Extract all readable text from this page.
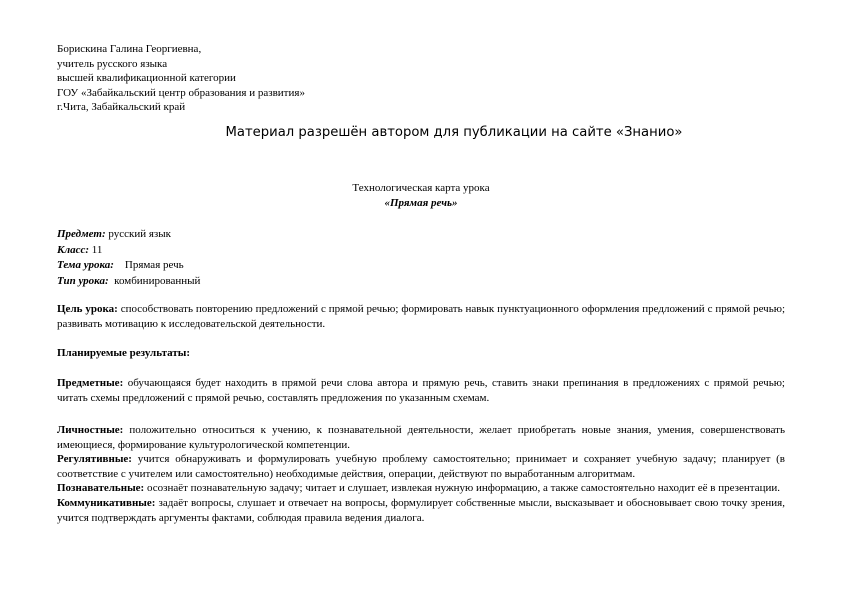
Борискина Галина Георгиевна,
учитель русского языка
высшей квалификационной категории
ГОУ «Забайкальский центр образования и развития»
г.Чита, Забайкальский край
Материал разрешён автором для публикации на сайте «Знанио»
Технологическая карта урока
«Прямая речь»
Предмет: русский язык
Класс: 11
Тема урока:    Прямая речь
Тип урока:  комбинированный
Цель урока: способствовать повторению предложений с прямой речью; формировать навык пунктуационного оформления предложений с прямой речью; развивать мотивацию к исследовательской деятельности.
Планируемые результаты:
Предметные: обучающаяся будет находить в прямой речи слова автора и прямую речь, ставить знаки препинания в предложениях с прямой речью; читать схемы предложений с прямой речью, составлять предложения по указанным схемам.
Личностные: положительно относиться к учению, к познавательной деятельности, желает приобретать новые знания, умения, совершенствовать имеющиеся, формирование культурологической компетенции.
Регулятивные: учится обнаруживать и формулировать учебную проблему самостоятельно; принимает и сохраняет учебную задачу; планирует (в соответствие с учителем или самостоятельно) необходимые действия, операции, действуют по выработанным алгоритмам.
Познавательные: осознаёт познавательную задачу; читает и слушает, извлекая нужную информацию, а также самостоятельно находит её в презентации.
Коммуникативные: задаёт вопросы, слушает и отвечает на вопросы, формулирует собственные мысли, высказывает и обосновывает свою точку зрения, учится подтверждать аргументы фактами, соблюдая правила ведения диалога.
